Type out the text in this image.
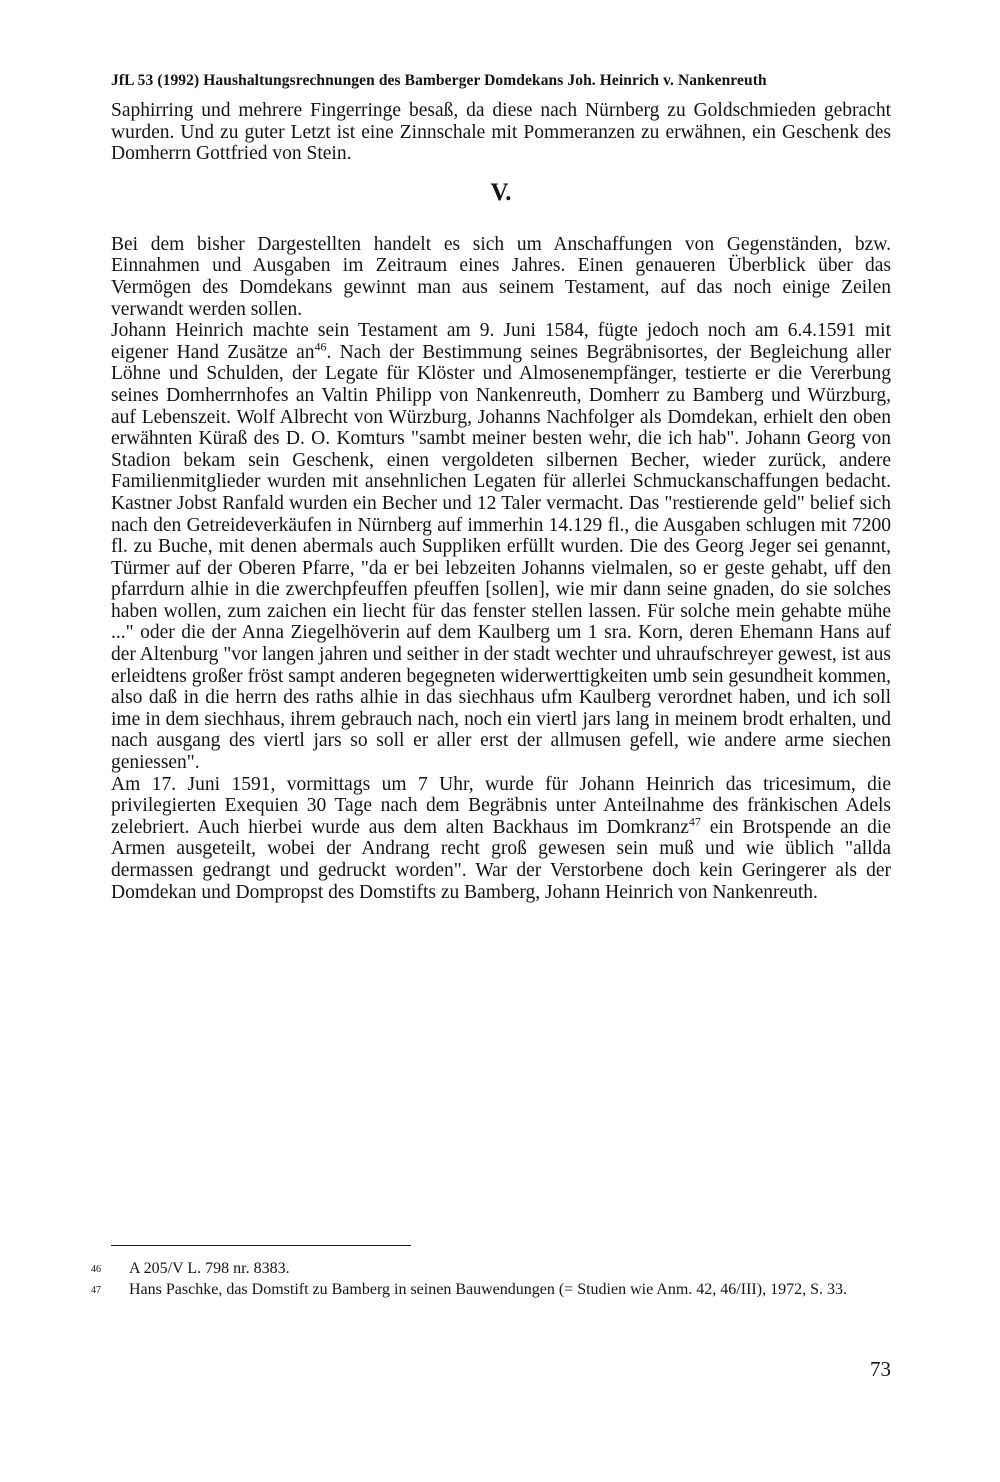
JfL 53 (1992) Haushaltungsrechnungen des Bamberger Domdekans Joh. Heinrich v. Nankenreuth

Saphirring und mehrere Fingerringe besaß, da diese nach Nürnberg zu Goldschmieden gebracht wurden. Und zu guter Letzt ist eine Zinnschale mit Pommeranzen zu erwähnen, ein Geschenk des Domherrn Gottfried von Stein.

V.

Bei dem bisher Dargestellten handelt es sich um Anschaffungen von Gegenständen, bzw. Einnahmen und Ausgaben im Zeitraum eines Jahres. Einen genaueren Überblick über das Vermögen des Domdekans gewinnt man aus seinem Testament, auf das noch einige Zeilen verwandt werden sollen.

Johann Heinrich machte sein Testament am 9. Juni 1584, fügte jedoch noch am 6.4.1591 mit eigener Hand Zusätze $an^{46}$. Nach der Bestimmung seines Begräbnisortes, der Begleichung aller Löhne und Schulden, der Legate für Klöster und Almosenempfänger, testierte er die Vererbung seines Domherrnhofes an Valtin Philipp von Nankenreuth, Domherr zu Bamberg und Würzburg, auf Lebenszeit. Wolf Albrecht von Würzburg, Johanns Nachfolger als Domdekan, erhielt den oben erwähnten Küraß des D. O. Komturs "sambt meiner besten wehr, die ich hab". Johann Georg von Stadion bekam sein Geschenk, einen vergoldeten silbernen Becher, wieder zurück, andere Familienmitglieder wurden mit ansehnlichen Legaten für allerlei Schmuckanschaffungen bedacht. Kastner Jobst Ranfald wurden ein Becher und 12 Taler vermacht. Das "restierende geld" belief sich nach den Getreideverkäufen in Nürnberg auf immerhin 14.129 fl., die Ausgaben schlugen mit 7200 fl. zu Buche, mit denen abermals auch Suppliken erfüllt wurden. Die des Georg Jeger sei genannt, Türmer auf der Oberen Pfarre, "da er bei lebzeiten Johanns vielmalen, so er geste gehabt, uff den pfarrdurn alhie in die zwerchpfeuffen pfeuffen [sollen], wie mir dann seine gnaden, do sie solches haben wollen, zum zaichen ein liecht für das fenster stellen lassen. Für solche mein gehabte mühe ..." oder die der Anna Ziegelhöverin auf dem Kaulberg um 1 sra. Korn, deren Ehemann Hans auf der Altenburg "vor langen jahren und seither in der stadt wechter und uhraufschreyer gewest, ist aus erleidtens großer fröst sampt anderen begegneten widerwerttigkeiten umb sein gesundheit kommen, also daß in die herrn des raths alhie in das siechhaus ufm Kaulberg verordnet haben, und ich soll ime in dem siechhaus, ihrem gebrauch nach, noch ein viertl jars lang in meinem brodt erhalten, und nach ausgang des viertl jars so soll er aller erst der allmusen gefell, wie andere arme siechen geniessen".

Am 17. Juni 1591, vormittags um 7 Uhr, wurde für Johann Heinrich das tricesimum, die privilegierten Exequien 30 Tage nach dem Begräbnis unter Anteilnahme des fränkischen Adels zelebriert. Auch hierbei wurde aus dem alten Backhaus im Domkranz$^{47}$ ein Brotspende an die Armen ausgeteilt, wobei der Andrang recht groß gewesen sein muß und wie üblich "allda dermassen gedrangt und gedruckt worden". War der Verstorbene doch kein Geringerer als der Domdekan und Dompropst des Domstifts zu Bamberg, Johann Heinrich von Nankenreuth.

46	A 205/V L. 798 nr. 8383.
47	Hans Paschke, das Domstift zu Bamberg in seinen Bauwendungen (= Studien wie Anm. 42, 46/III), 1972, S. 33.
73
